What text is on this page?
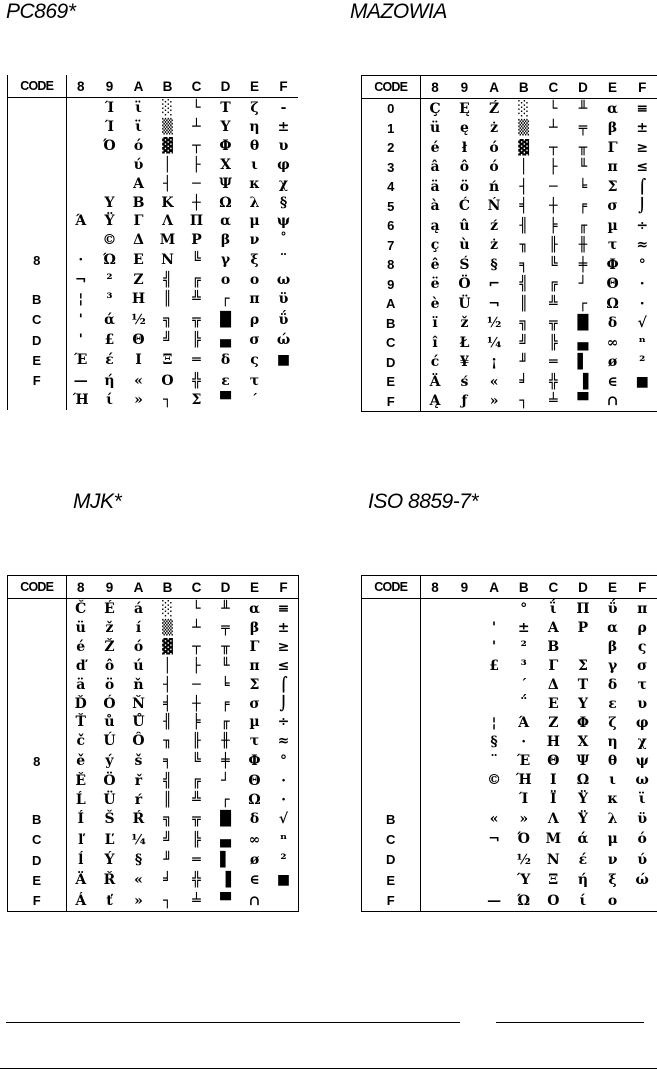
PC869*	MAZOWIA
MJK*	ISO 8859-7*
CODE	8	9	A	B	C	D	E	F
		Ί	ϊ	░	└	Τ	ζ	-
		Ί	ϊ	▒	┴	Υ	η	±
		Ό	ό	▓	┬	Φ	θ	υ
			ύ	│	├	Χ	ι	φ
			Α	┤	─	Ψ	κ	χ
		Υ	Β	Κ	┼	Ω	λ	§
	Ά	Ϋ	Γ	Λ	Π	α	μ	ψ
		©	Δ	Μ	Ρ	β	ν	˚
8	·	Ώ	Ε	Ν	╚	γ	ξ	¨
	¬	²	Ζ	╣	╔	ο	ο	ω
B	¦	³	Η	║	╩	┌	π	ϋ
C	'	ά	½	╗	╦	█	ρ	ΰ
D	'	£	Θ	╝	╠	▄	σ	ώ
E	Έ	έ	Ι	Ξ	═	δ	ς	■
F	—	ή	«	Ο	╬	ε	τ	
	Ή	ί	»	┐	Σ	▀	´	
CODE	8	9	A	B	C	D	E	F
0	Ç	Ę	Ź	░	└	╨	α	≡
1	ü	ę	ż	▒	┴	╤	β	±
2	é	ł	ó	▓	┬	╥	Γ	≥
3	â	ô	ó	│	├	╙	π	≤
4	ä	ö	ń	┤	─	╘	Σ	⌠
5	à	Ć	Ń	╡	┼	╒	σ	⌡
6	ą	û	ź	╢	╞	╓	µ	÷
7	ç	ù	ż	╖	╟	╫	τ	≈
8	ê	Ś	§	╕	╚	╪	Φ	°
9	ë	Ö	⌐	╣	╔	┘	Θ	·
A	è	Ü	¬	║	╩	┌	Ω	·
B	ï	ž	½	╗	╦	█	δ	√
C	î	Ł	¼	╝	╠	▄	∞	ⁿ
D	ć	¥	¡	╜	═	▌	ø	²
E	Ä	ś	«	╛	╬	▐	∈	■
F	Ą	ƒ	»	┐	╧	▀	∩	
CODE	8	9	A	B	C	D	E	F
	Č	É	á	░	└	╨	α	≡
	ü	ž	í	▒	┴	╤	β	±
	é	Ž	ó	▓	┬	╥	Γ	≥
	ď	ô	ú	│	├	╙	π	≤
	ä	ö	ň	┤	─	╘	Σ	⌠
	Ď	Ó	Ň	╡	┼	╒	σ	⌡
	Ť	ů	Ů	╢	╞	╓	µ	÷
	č	Ú	Ô	╖	╟	╫	τ	≈
8	ě	ý	š	╕	╚	╪	Φ	°
	Ě	Ö	ř	╣	╔	┘	Θ	·
	Ĺ	Ü	ŕ	║	╩	┌	Ω	·
B	Í	Š	Ŕ	╗	╦	█	δ	√
C	ľ	Ľ	¼	╝	╠	▄	∞	ⁿ
D	ĺ	Ý	§	╜	═	▌	ø	²
E	Ä	Ř	«	╛	╬	▐	∈	■
F	Á	ť	»	┐	╧	▀	∩	
CODE	8	9	A	B	C	D	E	F
				°	ΐ	Π	ΰ	π
			'	±	Α	Ρ	α	ρ
			'	²	Β		β	ς
			£	³	Γ	Σ	γ	σ
				΄	Δ	Τ	δ	τ
				΅	Ε	Υ	ε	υ
			¦	Ά	Ζ	Φ	ζ	φ
			§	·	Η	Χ	η	χ
			¨	Έ	Θ	Ψ	θ	ψ
			©	Ή	Ι	Ω	ι	ω
				Ί	Ϊ	Ϋ	κ	ϊ
B			«	»	Λ	Ϋ	λ	ϋ
C			¬	Ό	Μ	ά	μ	ό
D				½	Ν	έ	ν	ύ
E				Ύ	Ξ	ή	ξ	ώ
F			—	Ώ	Ο	ί	ο	
